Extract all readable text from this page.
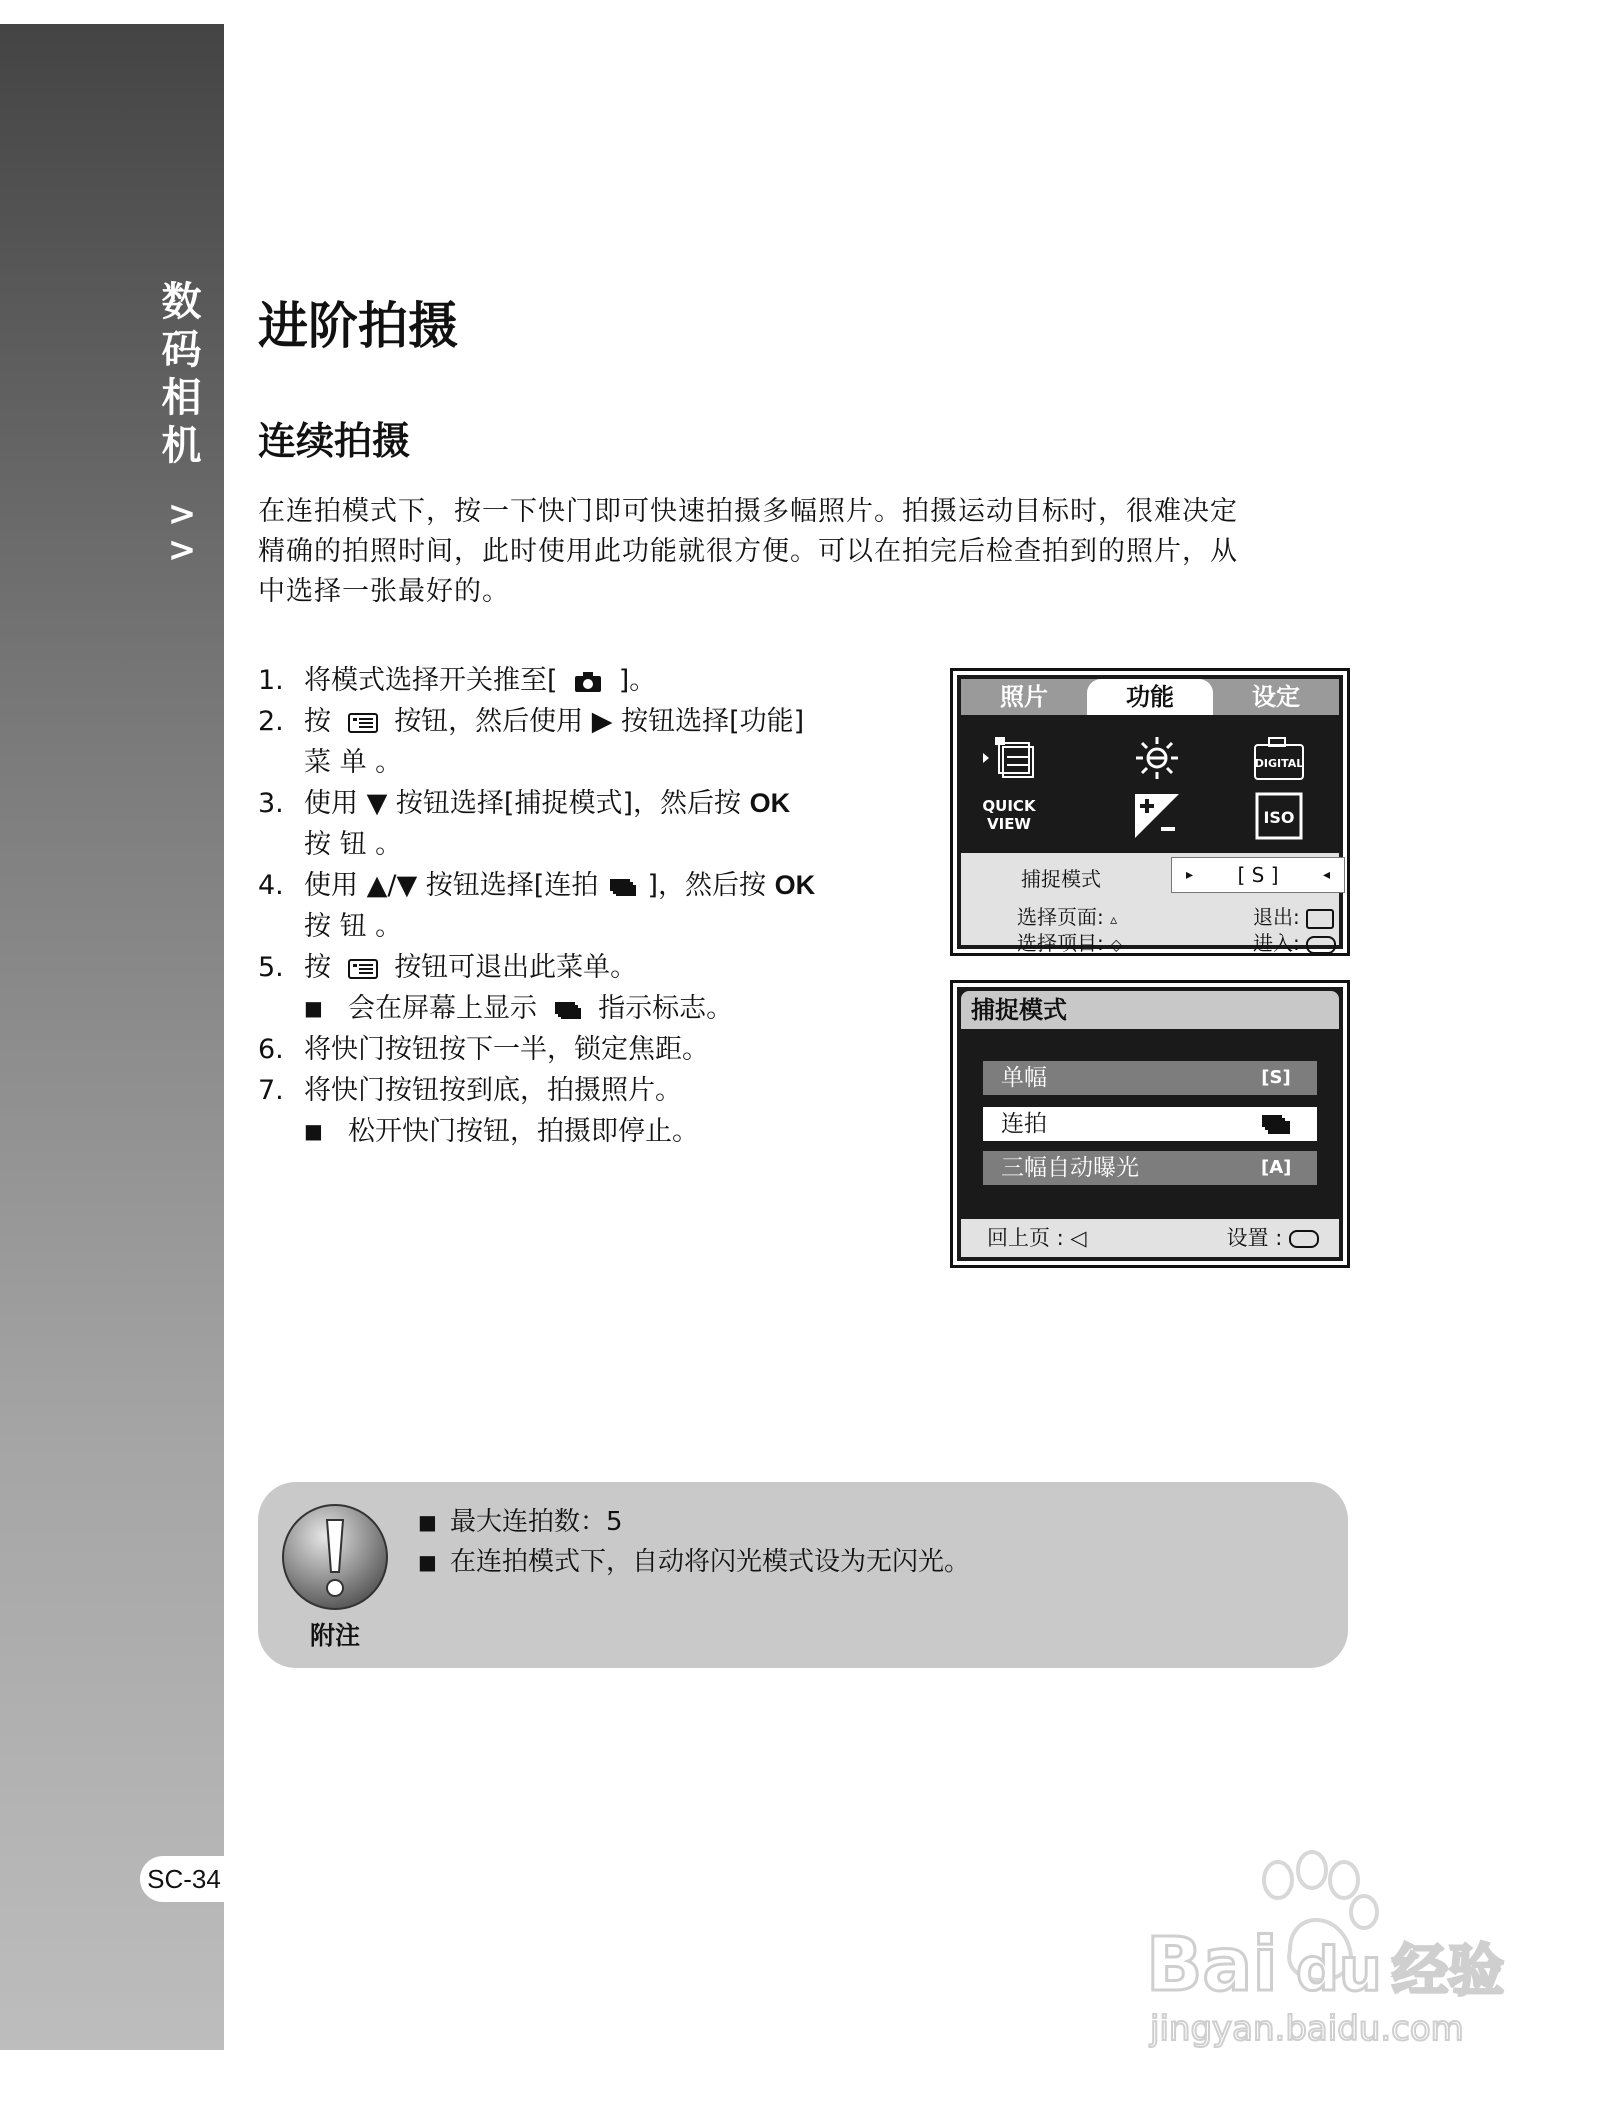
数码相机
>
>
SC-34
进阶拍摄
连续拍摄
在连拍模式下，按一下快门即可快速拍摄多幅照片。拍摄运动目标时，很难决定
精确的拍照时间，此时使用此功能就很方便。可以在拍完后检查拍到的照片，从
中选择一张最好的。
1. 将模式选择开关推至[ ]。
2. 按 按钮，然后使用 ▶ 按钮选择[功能]
菜 单 。
3. 使用 ▼ 按钮选择[捕捉模式]，然后按 OK
按 钮 。
4. 使用 ▲/▼ 按钮选择[连拍 ]，然后按 OK
按 钮 。
5. 按 按钮可退出此菜单。
■ 会在屏幕上显示 指示标志。
6. 将快门按钮按下一半，锁定焦距。
7. 将快门按钮按到底，拍摄照片。
■ 松开快门按钮，拍摄即停止。
照片	功能	设定
DIGITAL
QUICK
VIEW	ISO
捕捉模式	▸ [ S ]	◂
选择页面: ▵
选择项目: ◇
退出:
进入:
捕捉模式
单幅	[S]
连拍
三幅自动曝光	[A]
回上页 : ◁	设置 :
附注
■ 最大连拍数：5
■ 在连拍模式下，自动将闪光模式设为无闪光。
Bai du 经验
jingyan.baidu.com
